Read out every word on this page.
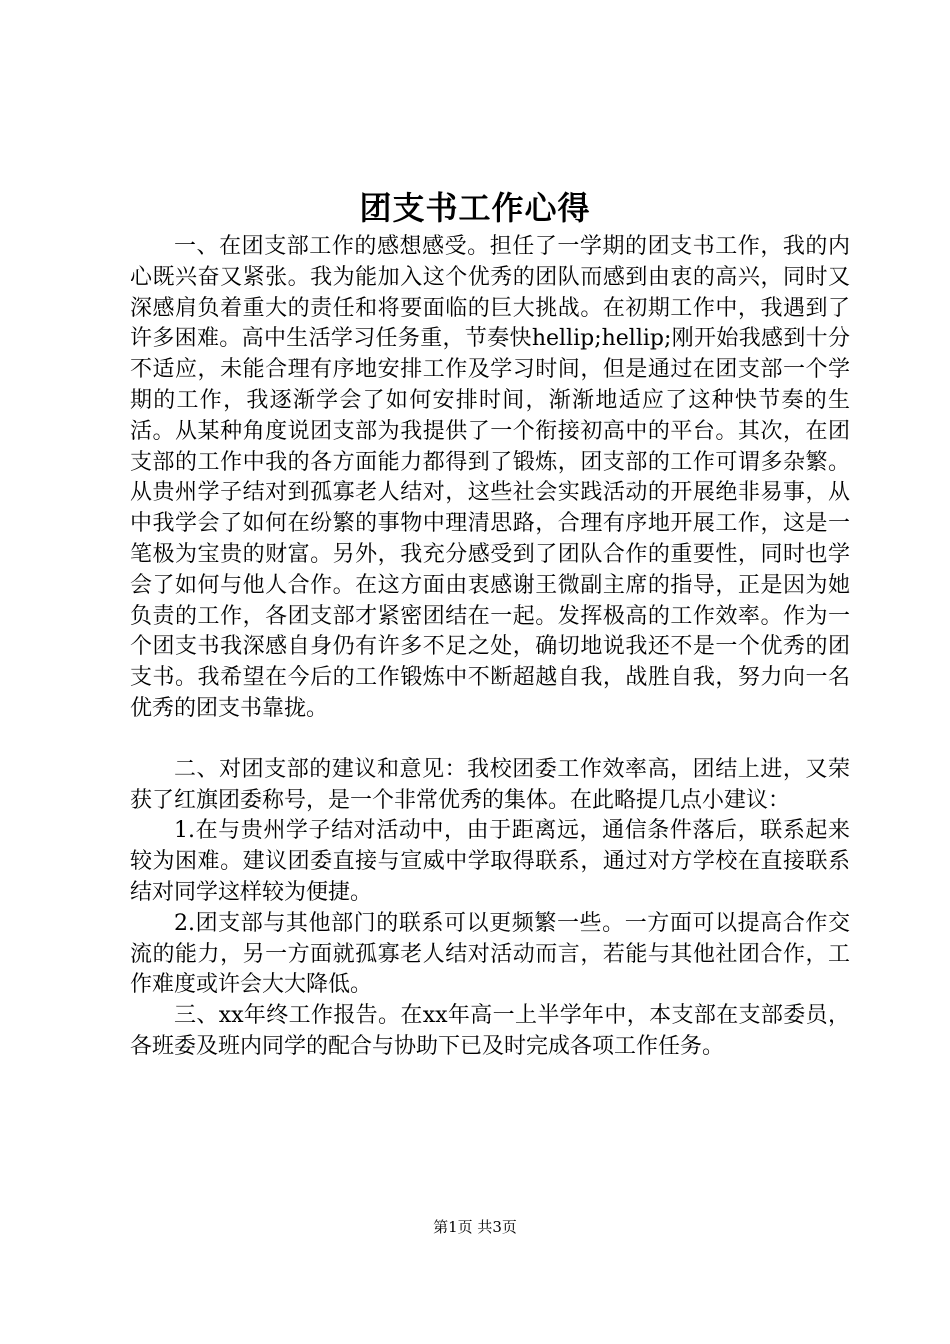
团支书工作心得

一、在团支部工作的感想感受。担任了一学期的团支书工作，我的内心既兴奋又紧张。我为能加入这个优秀的团队而感到由衷的高兴，同时又深感肩负着重大的责任和将要面临的巨大挑战。在初期工作中，我遇到了许多困难。高中生活学习任务重，节奏快hellip;hellip;刚开始我感到十分不适应，未能合理有序地安排工作及学习时间，但是通过在团支部一个学期的工作，我逐渐学会了如何安排时间，渐渐地适应了这种快节奏的生活。从某种角度说团支部为我提供了一个衔接初高中的平台。其次，在团支部的工作中我的各方面能力都得到了锻炼，团支部的工作可谓多杂繁。从贵州学子结对到孤寡老人结对，这些社会实践活动的开展绝非易事，从中我学会了如何在纷繁的事物中理清思路，合理有序地开展工作，这是一笔极为宝贵的财富。另外，我充分感受到了团队合作的重要性，同时也学会了如何与他人合作。在这方面由衷感谢王微副主席的指导，正是因为她负责的工作，各团支部才紧密团结在一起。发挥极高的工作效率。作为一个团支书我深感自身仍有许多不足之处，确切地说我还不是一个优秀的团支书。我希望在今后的工作锻炼中不断超越自我，战胜自我，努力向一名优秀的团支书靠拢。

二、对团支部的建议和意见：我校团委工作效率高，团结上进，又荣获了红旗团委称号，是一个非常优秀的集体。在此略提几点小建议：

1.在与贵州学子结对活动中，由于距离远，通信条件落后，联系起来较为困难。建议团委直接与宣威中学取得联系，通过对方学校在直接联系结对同学这样较为便捷。

2.团支部与其他部门的联系可以更频繁一些。一方面可以提高合作交流的能力，另一方面就孤寡老人结对活动而言，若能与其他社团合作，工作难度或许会大大降低。

三、xx年终工作报告。在xx年高一上半学年中，本支部在支部委员，各班委及班内同学的配合与协助下已及时完成各项工作任务。

第1页 共3页
